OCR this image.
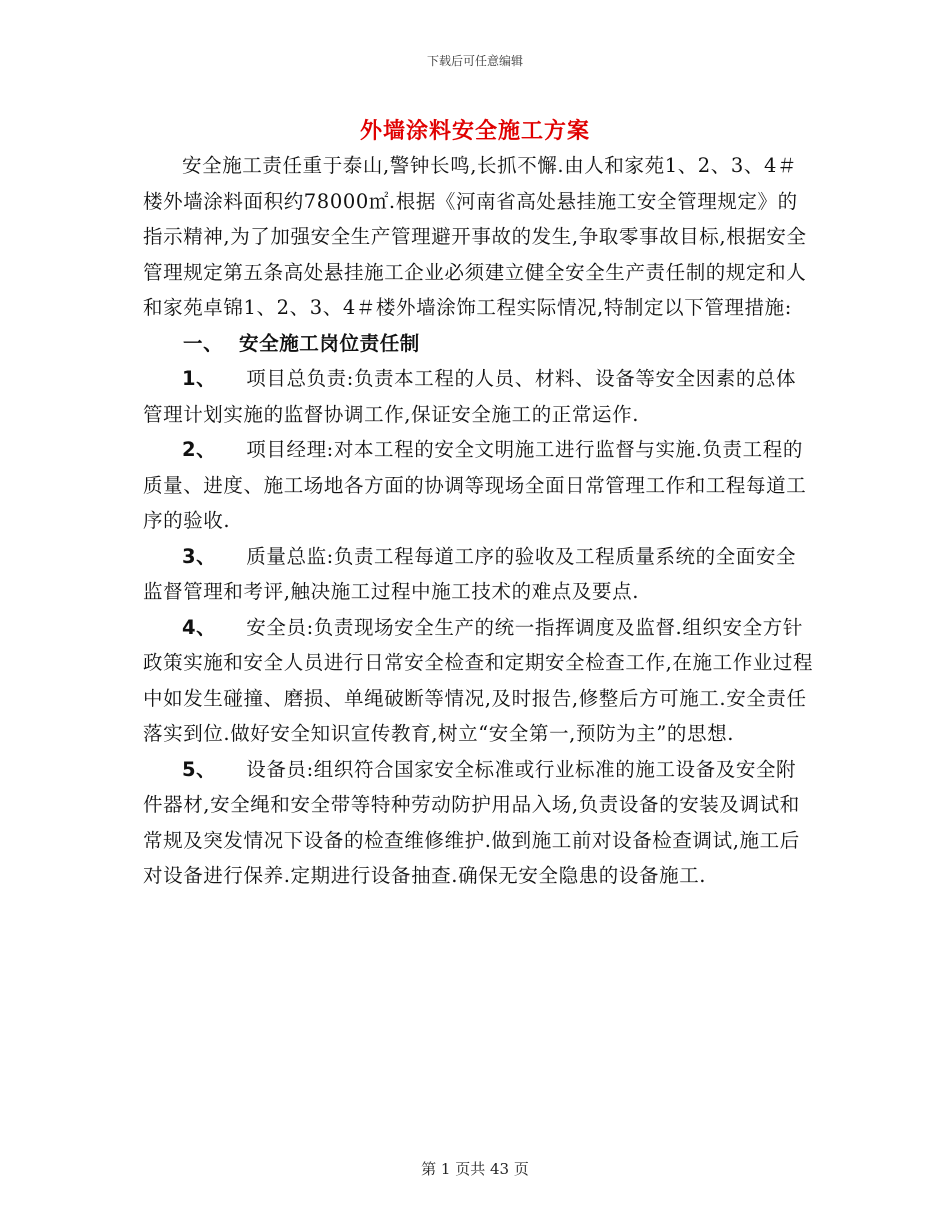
下载后可任意编辑
外墙涂料安全施工方案

安全施工责任重于泰山,警钟长鸣,长抓不懈.由人和家苑1、2、3、4＃楼外墙涂料面积约78000㎡.根据《河南省高处悬挂施工安全管理规定》的指示精神,为了加强安全生产管理避开事故的发生,争取零事故目标,根据安全管理规定第五条高处悬挂施工企业必须建立健全安全生产责任制的规定和人和家苑卓锦1、2、3、4＃楼外墙涂饰工程实际情况,特制定以下管理措施:

一、 安全施工岗位责任制

1、 项目总负责:负责本工程的人员、材料、设备等安全因素的总体管理计划实施的监督协调工作,保证安全施工的正常运作.

2、 项目经理:对本工程的安全文明施工进行监督与实施.负责工程的质量、进度、施工场地各方面的协调等现场全面日常管理工作和工程每道工序的验收.

3、 质量总监:负责工程每道工序的验收及工程质量系统的全面安全监督管理和考评,触决施工过程中施工技术的难点及要点.

4、 安全员:负责现场安全生产的统一指挥调度及监督.组织安全方针政策实施和安全人员进行日常安全检查和定期安全检查工作,在施工作业过程中如发生碰撞、磨损、单绳破断等情况,及时报告,修整后方可施工.安全责任落实到位.做好安全知识宣传教育,树立“安全第一,预防为主”的思想.

5、 设备员:组织符合国家安全标准或行业标准的施工设备及安全附件器材,安全绳和安全带等特种劳动防护用品入场,负责设备的安装及调试和常规及突发情况下设备的检查维修维护.做到施工前对设备检查调试,施工后对设备进行保养.定期进行设备抽查.确保无安全隐患的设备施工.

第 1 页共 43 页
